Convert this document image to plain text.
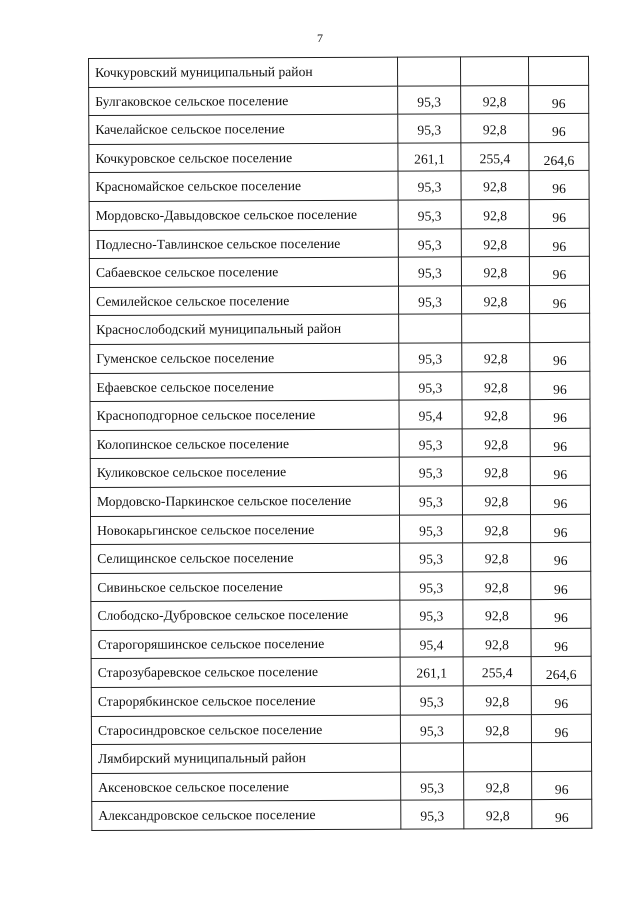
7
Кочкуровский муниципальный район			
Булгаковское сельское поселение	95,3	92,8	96
Качелайское сельское поселение	95,3	92,8	96
Кочкуровское сельское поселение	261,1	255,4	264,6
Красномайское сельское поселение	95,3	92,8	96
Мордовско-Давыдовское сельское поселение	95,3	92,8	96
Подлесно-Тавлинское сельское поселение	95,3	92,8	96
Сабаевское сельское поселение	95,3	92,8	96
Семилейское сельское поселение	95,3	92,8	96
Краснослободский муниципальный район			
Гуменское сельское поселение	95,3	92,8	96
Ефаевское сельское поселение	95,3	92,8	96
Красноподгорное сельское поселение	95,4	92,8	96
Колопинское сельское поселение	95,3	92,8	96
Куликовское сельское поселение	95,3	92,8	96
Мордовско-Паркинское сельское поселение	95,3	92,8	96
Новокарьгинское сельское поселение	95,3	92,8	96
Селищинское сельское поселение	95,3	92,8	96
Сивиньское сельское поселение	95,3	92,8	96
Слободско-Дубровское сельское поселение	95,3	92,8	96
Старогоряшинское сельское поселение	95,4	92,8	96
Старозубаревское сельское поселение	261,1	255,4	264,6
Старорябкинское сельское поселение	95,3	92,8	96
Старосиндровское сельское поселение	95,3	92,8	96
Лямбирский муниципальный район			
Аксеновское сельское поселение	95,3	92,8	96
Александровское сельское поселение	95,3	92,8	96
